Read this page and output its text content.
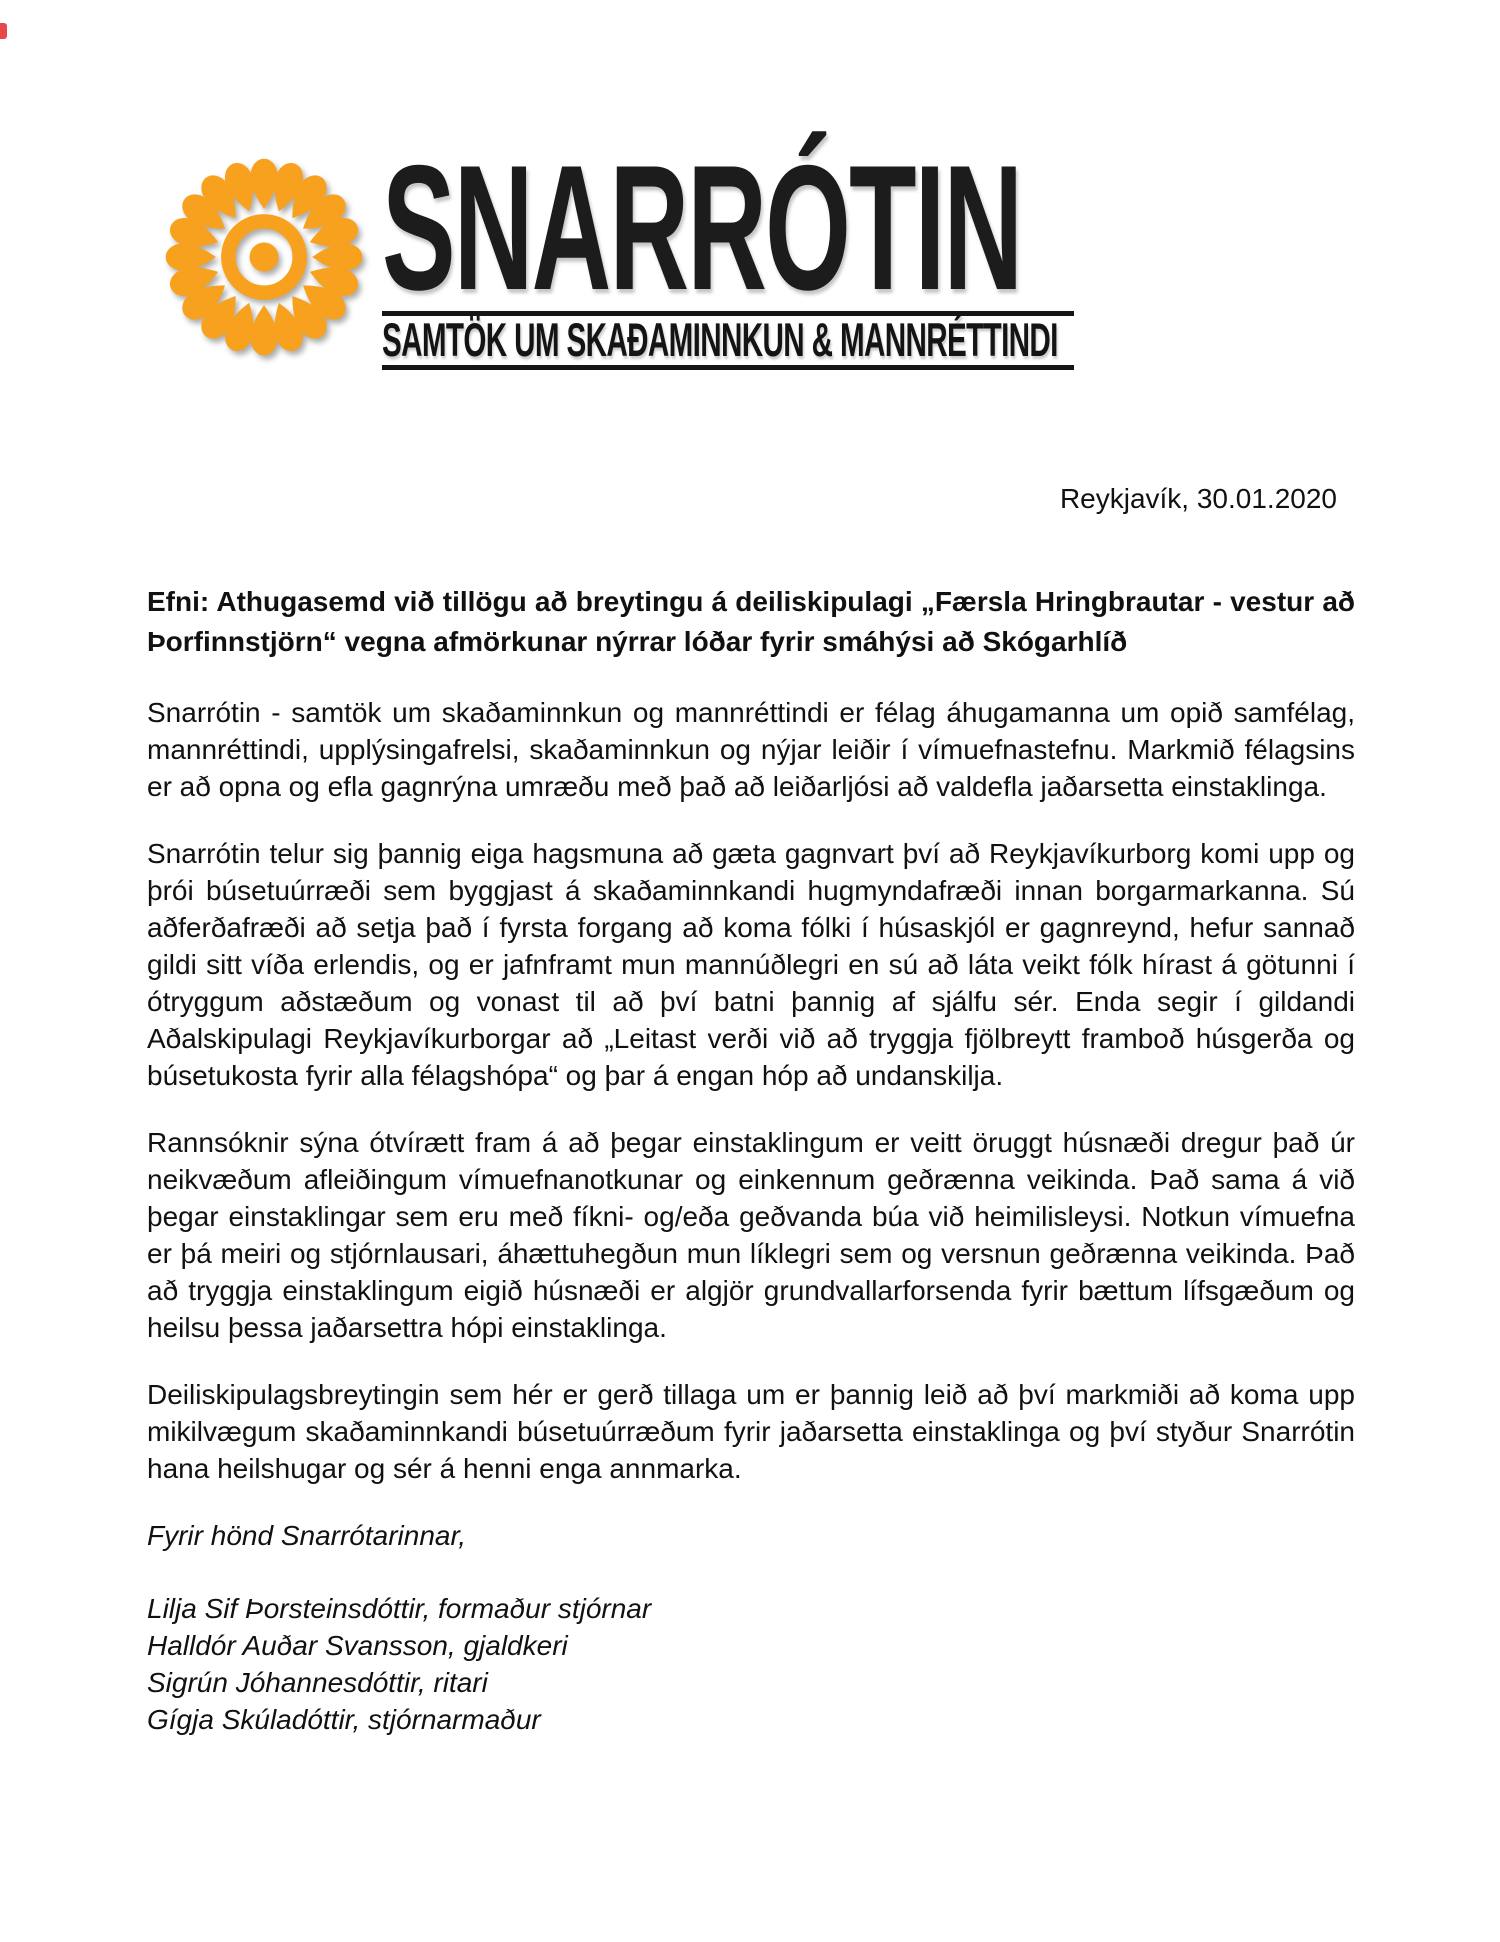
SNARRÓTIN
SAMTÖK UM SKAÐAMINNKUN & MANNRÉTTINDI
Reykjavík, 30.01.2020

Efni: Athugasemd við tillögu að breytingu á deiliskipulagi „Færsla Hringbrautar - vestur að Þorfinnstjörn“ vegna afmörkunar nýrrar lóðar fyrir smáhýsi að Skógarhlíð

Snarrótin - samtök um skaðaminnkun og mannréttindi er félag áhugamanna um opið samfélag, mannréttindi, upplýsingafrelsi, skaðaminnkun og nýjar leiðir í vímuefnastefnu. Markmið félagsins er að opna og efla gagnrýna umræðu með það að leiðarljósi að valdefla jaðarsetta einstaklinga.

Snarrótin telur sig þannig eiga hagsmuna að gæta gagnvart því að Reykjavíkurborg komi upp og þrói búsetuúrræði sem byggjast á skaðaminnkandi hugmyndafræði innan borgarmarkanna. Sú aðferðafræði að setja það í fyrsta forgang að koma fólki í húsaskjól er gagnreynd, hefur sannað gildi sitt víða erlendis, og er jafnframt mun mannúðlegri en sú að láta veikt fólk hírast á götunni í ótryggum aðstæðum og vonast til að því batni þannig af sjálfu sér. Enda segir í gildandi Aðalskipulagi Reykjavíkurborgar að „Leitast verði við að tryggja fjölbreytt framboð húsgerða og búsetukosta fyrir alla félagshópa“ og þar á engan hóp að undanskilja.

Rannsóknir sýna ótvírætt fram á að þegar einstaklingum er veitt öruggt húsnæði dregur það úr neikvæðum afleiðingum vímuefnanotkunar og einkennum geðrænna veikinda. Það sama á við þegar einstaklingar sem eru með fíkni- og/eða geðvanda búa við heimilisleysi. Notkun vímuefna er þá meiri og stjórnlausari, áhættuhegðun mun líklegri sem og versnun geðrænna veikinda. Það að tryggja einstaklingum eigið húsnæði er algjör grundvallarforsenda fyrir bættum lífsgæðum og heilsu þessa jaðarsettra hópi einstaklinga.

Deiliskipulagsbreytingin sem hér er gerð tillaga um er þannig leið að því markmiði að koma upp mikilvægum skaðaminnkandi búsetuúrræðum fyrir jaðarsetta einstaklinga og því styður Snarrótin hana heilshugar og sér á henni enga annmarka.

Fyrir hönd Snarrótarinnar,

Lilja Sif Þorsteinsdóttir, formaður stjórnar

Halldór Auðar Svansson, gjaldkeri

Sigrún Jóhannesdóttir, ritari

Gígja Skúladóttir, stjórnarmaður
